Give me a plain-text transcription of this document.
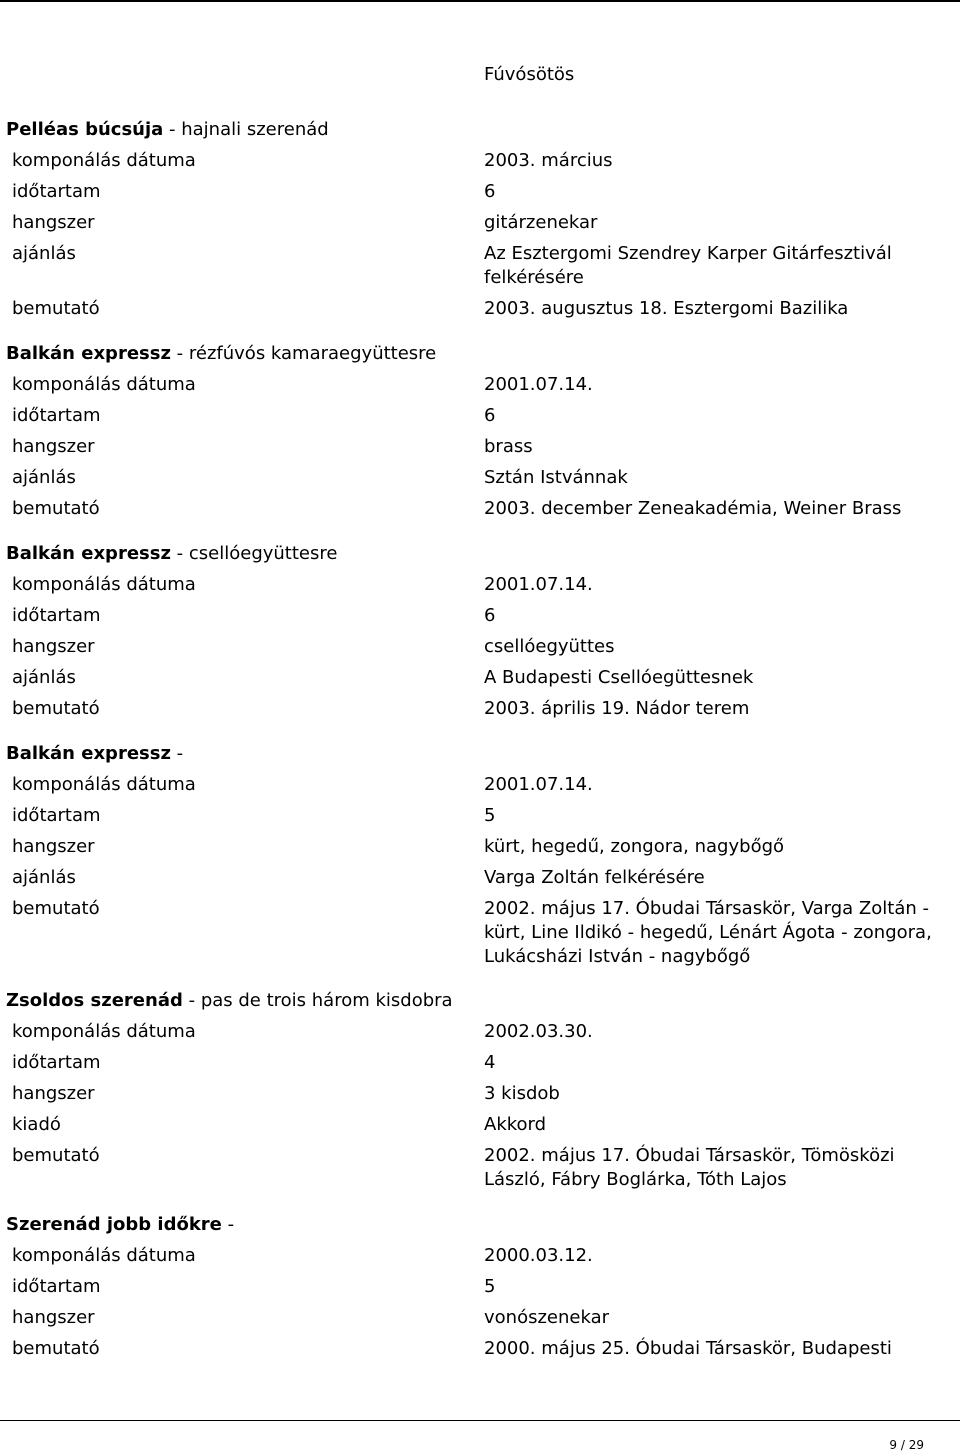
Fúvósötös
Pelléas búcsúja - hajnali szerenád
komponálás dátuma	2003. március
időtartam	6
hangszer	gitárzenekar
ajánlás	Az Esztergomi Szendrey Karper Gitárfesztivál felkérésére
bemutató	2003. augusztus 18. Esztergomi Bazilika
Balkán expressz - rézfúvós kamaraegyüttesre
komponálás dátuma	2001.07.14.
időtartam	6
hangszer	brass
ajánlás	Sztán Istvánnak
bemutató	2003. december Zeneakadémia, Weiner Brass
Balkán expressz - csellóegyüttesre
komponálás dátuma	2001.07.14.
időtartam	6
hangszer	csellóegyüttes
ajánlás	A Budapesti Csellóegüttesnek
bemutató	2003. április 19. Nádor terem
Balkán expressz -
komponálás dátuma	2001.07.14.
időtartam	5
hangszer	kürt, hegedű, zongora, nagybőgő
ajánlás	Varga Zoltán felkérésére
bemutató	2002. május 17. Óbudai Társaskör, Varga Zoltán - kürt, Line Ildikó - hegedű, Lénárt Ágota - zongora, Lukácsházi István - nagybőgő
Zsoldos szerenád - pas de trois három kisdobra
komponálás dátuma	2002.03.30.
időtartam	4
hangszer	3 kisdob
kiadó	Akkord
bemutató	2002. május 17. Óbudai Társaskör, Tömösközi László, Fábry Boglárka, Tóth Lajos
Szerenád jobb időkre -
komponálás dátuma	2000.03.12.
időtartam	5
hangszer	vonószenekar
bemutató	2000. május 25. Óbudai Társaskör, Budapesti
9 / 29
